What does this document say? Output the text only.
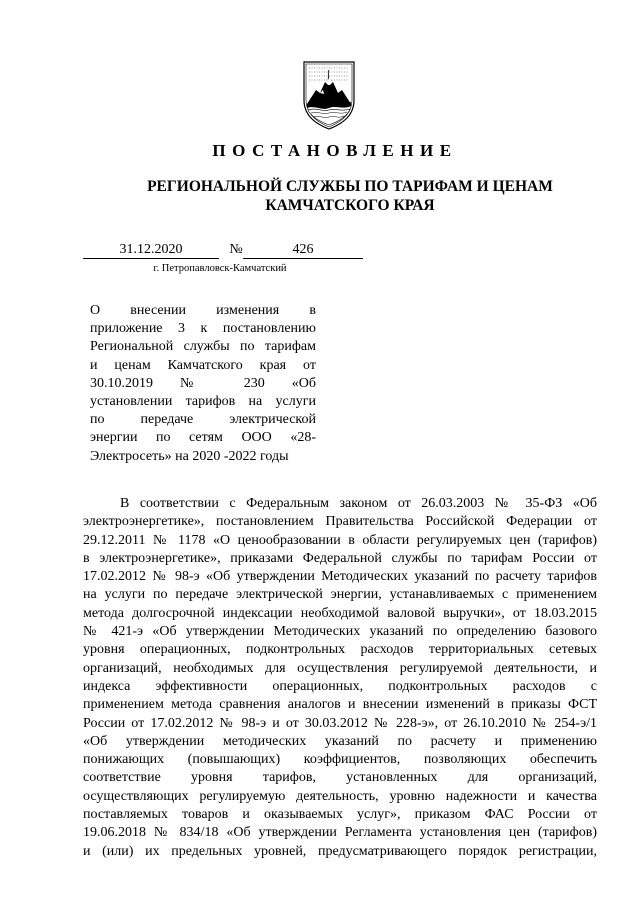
ПОСТАНОВЛЕНИЕ
РЕГИОНАЛЬНОЙ СЛУЖБЫ ПО ТАРИФАМ И ЦЕНАМ
КАМЧАТСКОГО КРАЯ
31.12.2020	№	426
г. Петропавловск-Камчатский
О внесении изменения в
приложение 3 к постановлению
Региональной службы по тарифам
и ценам Камчатского края от
30.10.2019 № 230 «Об
установлении тарифов на услуги
по передаче электрической
энергии по сетям ООО «28-
Электросеть» на 2020 -2022 годы
В соответствии с Федеральным законом от 26.03.2003 № 35-ФЗ «Об
электроэнергетике», постановлением Правительства Российской Федерации от
29.12.2011 № 1178 «О ценообразовании в области регулируемых цен (тарифов)
в электроэнергетике», приказами Федеральной службы по тарифам России от
17.02.2012 № 98-э «Об утверждении Методических указаний по расчету тарифов
на услуги по передаче электрической энергии, устанавливаемых с применением
метода долгосрочной индексации необходимой валовой выручки», от 18.03.2015
№ 421-э «Об утверждении Методических указаний по определению базового
уровня операционных, подконтрольных расходов территориальных сетевых
организаций, необходимых для осуществления регулируемой деятельности, и
индекса эффективности операционных, подконтрольных расходов с
применением метода сравнения аналогов и внесении изменений в приказы ФСТ
России от 17.02.2012 № 98-э и от 30.03.2012 № 228-э», от 26.10.2010 № 254-э/1
«Об утверждении методических указаний по расчету и применению
понижающих (повышающих) коэффициентов, позволяющих обеспечить
соответствие уровня тарифов, установленных для организаций,
осуществляющих регулируемую деятельность, уровню надежности и качества
поставляемых товаров и оказываемых услуг», приказом ФАС России от
19.06.2018 № 834/18 «Об утверждении Регламента установления цен (тарифов)
и (или) их предельных уровней, предусматривающего порядок регистрации,
